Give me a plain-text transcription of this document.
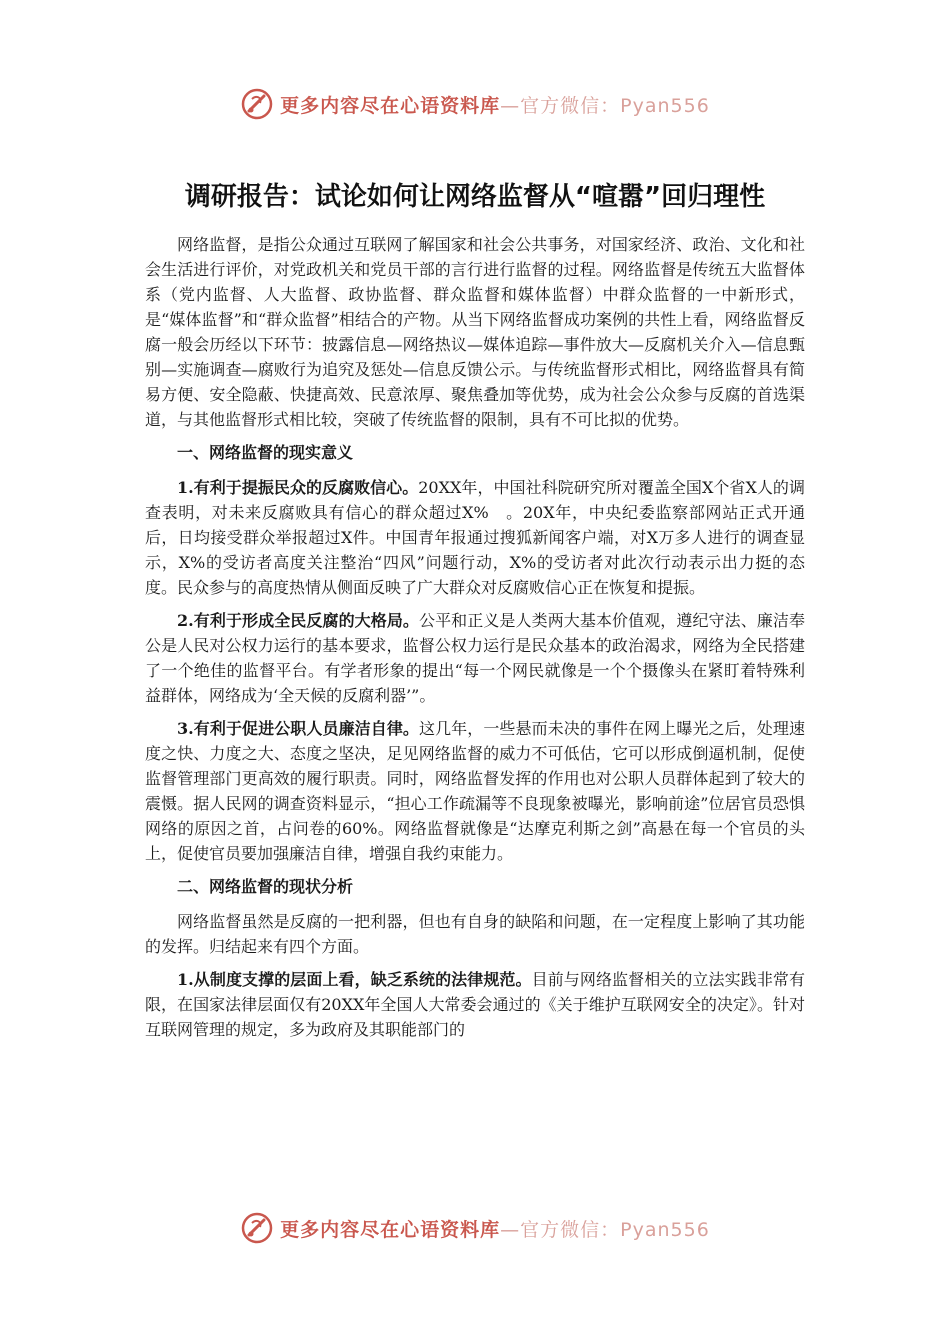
更多内容尽在心语资料库—官方微信：Pyan556
调研报告：试论如何让网络监督从“喧嚣”回归理性

网络监督，是指公众通过互联网了解国家和社会公共事务，对国家经济、政治、文化和社会生活进行评价，对党政机关和党员干部的言行进行监督的过程。网络监督是传统五大监督体系（党内监督、人大监督、政协监督、群众监督和媒体监督）中群众监督的一中新形式，是“媒体监督”和“群众监督”相结合的产物。从当下网络监督成功案例的共性上看，网络监督反腐一般会历经以下环节：披露信息—网络热议—媒体追踪—事件放大—反腐机关介入—信息甄别—实施调查—腐败行为追究及惩处—信息反馈公示。与传统监督形式相比，网络监督具有简易方便、安全隐蔽、快捷高效、民意浓厚、聚焦叠加等优势，成为社会公众参与反腐的首选渠道，与其他监督形式相比较，突破了传统监督的限制，具有不可比拟的优势。

一、网络监督的现实意义

1.有利于提振民众的反腐败信心。20XX年，中国社科院研究所对覆盖全国X个省X人的调查表明，对未来反腐败具有信心的群众超过X%　。20X年，中央纪委监察部网站正式开通后，日均接受群众举报超过X件。中国青年报通过搜狐新闻客户端，对X万多人进行的调查显示，X%的受访者高度关注整治“四风”问题行动，X%的受访者对此次行动表示出力挺的态度。民众参与的高度热情从侧面反映了广大群众对反腐败信心正在恢复和提振。

2.有利于形成全民反腐的大格局。公平和正义是人类两大基本价值观，遵纪守法、廉洁奉公是人民对公权力运行的基本要求，监督公权力运行是民众基本的政治渴求，网络为全民搭建了一个绝佳的监督平台。有学者形象的提出“每一个网民就像是一个个摄像头在紧盯着特殊利益群体，网络成为‘全天候的反腐利器’”。

3.有利于促进公职人员廉洁自律。这几年，一些悬而未决的事件在网上曝光之后，处理速度之快、力度之大、态度之坚决，足见网络监督的威力不可低估，它可以形成倒逼机制，促使监督管理部门更高效的履行职责。同时，网络监督发挥的作用也对公职人员群体起到了较大的震慑。据人民网的调查资料显示，“担心工作疏漏等不良现象被曝光，影响前途”位居官员恐惧网络的原因之首，占问卷的60%。网络监督就像是“达摩克利斯之剑”高悬在每一个官员的头上，促使官员要加强廉洁自律，增强自我约束能力。

二、网络监督的现状分析

网络监督虽然是反腐的一把利器，但也有自身的缺陷和问题，在一定程度上影响了其功能的发挥。归结起来有四个方面。

1.从制度支撑的层面上看，缺乏系统的法律规范。目前与网络监督相关的立法实践非常有限，在国家法律层面仅有20XX年全国人大常委会通过的《关于维护互联网安全的决定》。针对互联网管理的规定，多为政府及其职能部门的

更多内容尽在心语资料库—官方微信：Pyan556
